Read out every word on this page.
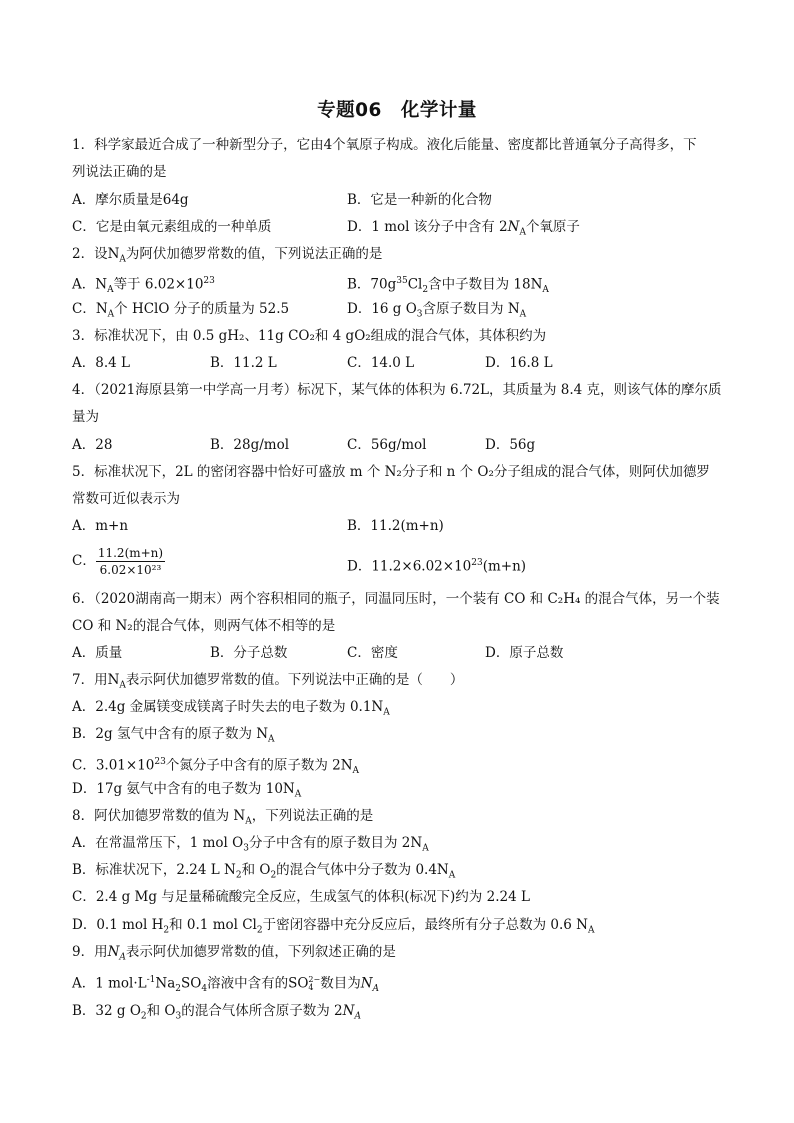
专题06　化学计量
1．科学家最近合成了一种新型分子，它由4个氧原子构成。液化后能量、密度都比普通氧分子高得多，下
列说法正确的是
A．摩尔质量是64g	B．它是一种新的化合物
C．它是由氧元素组成的一种单质	D．1 mol 该分子中含有 $2N_A$个氧原子
2．设$N_A$为阿伏加德罗常数的值，下列说法正确的是
A．$N_A$等于 $6.02\times 10^{23}$	B．$70g^{35}Cl_2$含中子数目为 $18N_A$
C．$N_A$个 HClO 分子的质量为 52.5	D．16 g $O_3$含原子数目为 $N_A$
3．标准状况下，由 0.5 gH₂、11g CO₂和 4 gO₂组成的混合气体，其体积约为
A．8.4 L	B．11.2 L	C．14.0 L	D．16.8 L
4．（2021海原县第一中学高一月考）标况下，某气体的体积为 6.72L，其质量为 8.4 克，则该气体的摩尔质
量为
A．28	B．28g/mol	C．56g/mol	D．56g
5．标准状况下，2L 的密闭容器中恰好可盛放 m 个 N₂分子和 n 个 O₂分子组成的混合气体，则阿伏加德罗
常数可近似表示为
A．m+n	B．11.2(m+n)
C． $\frac{11.2(m+n)}{\text{6.02×10²³}}$	D．$11.2\times 6.02\times 10^{23}(m+n)$
6．（2020湖南高一期末）两个容积相同的瓶子，同温同压时，一个装有 CO 和 C₂H₄ 的混合气体，另一个装
CO 和 N₂的混合气体，则两气体不相等的是
A．质量	B．分子总数	C．密度	D．原子总数
7．用$N_A$表示阿伏加德罗常数的值。下列说法中正确的是（　　）
A．2.4g 金属镁变成镁离子时失去的电子数为 $0.1N_A$
B．2g 氢气中含有的原子数为 $N_A$
C．$3.01\times 10^{23}$个氮分子中含有的原子数为 $2N_A$
D．17g 氨气中含有的电子数为 $10N_A$
8．阿伏加德罗常数的值为 $N_A$，下列说法正确的是
A．在常温常压下，1 mol $O_3$分子中含有的原子数目为 $2N_A$
B．标准状况下，2.24 L $N_2$和 $O_2$的混合气体中分子数为 $0.4N_A$
C．2.4 g Mg 与足量稀硫酸完全反应，生成氢气的体积(标况下)约为 2.24 L
D．0.1 mol $H_2$和 0.1 mol $Cl_2$于密闭容器中充分反应后，最终所有分子总数为 0.6 $N_A$
9．用$N_A$表示阿伏加德罗常数的值，下列叙述正确的是
A．1 $mol\cdot L^{-1}Na_2SO_4$溶液中含有的SO 2−
4 数目为$N_A$
B．32 g $O_2$和 $O_3$的混合气体所含原子数为 $2N_A$
